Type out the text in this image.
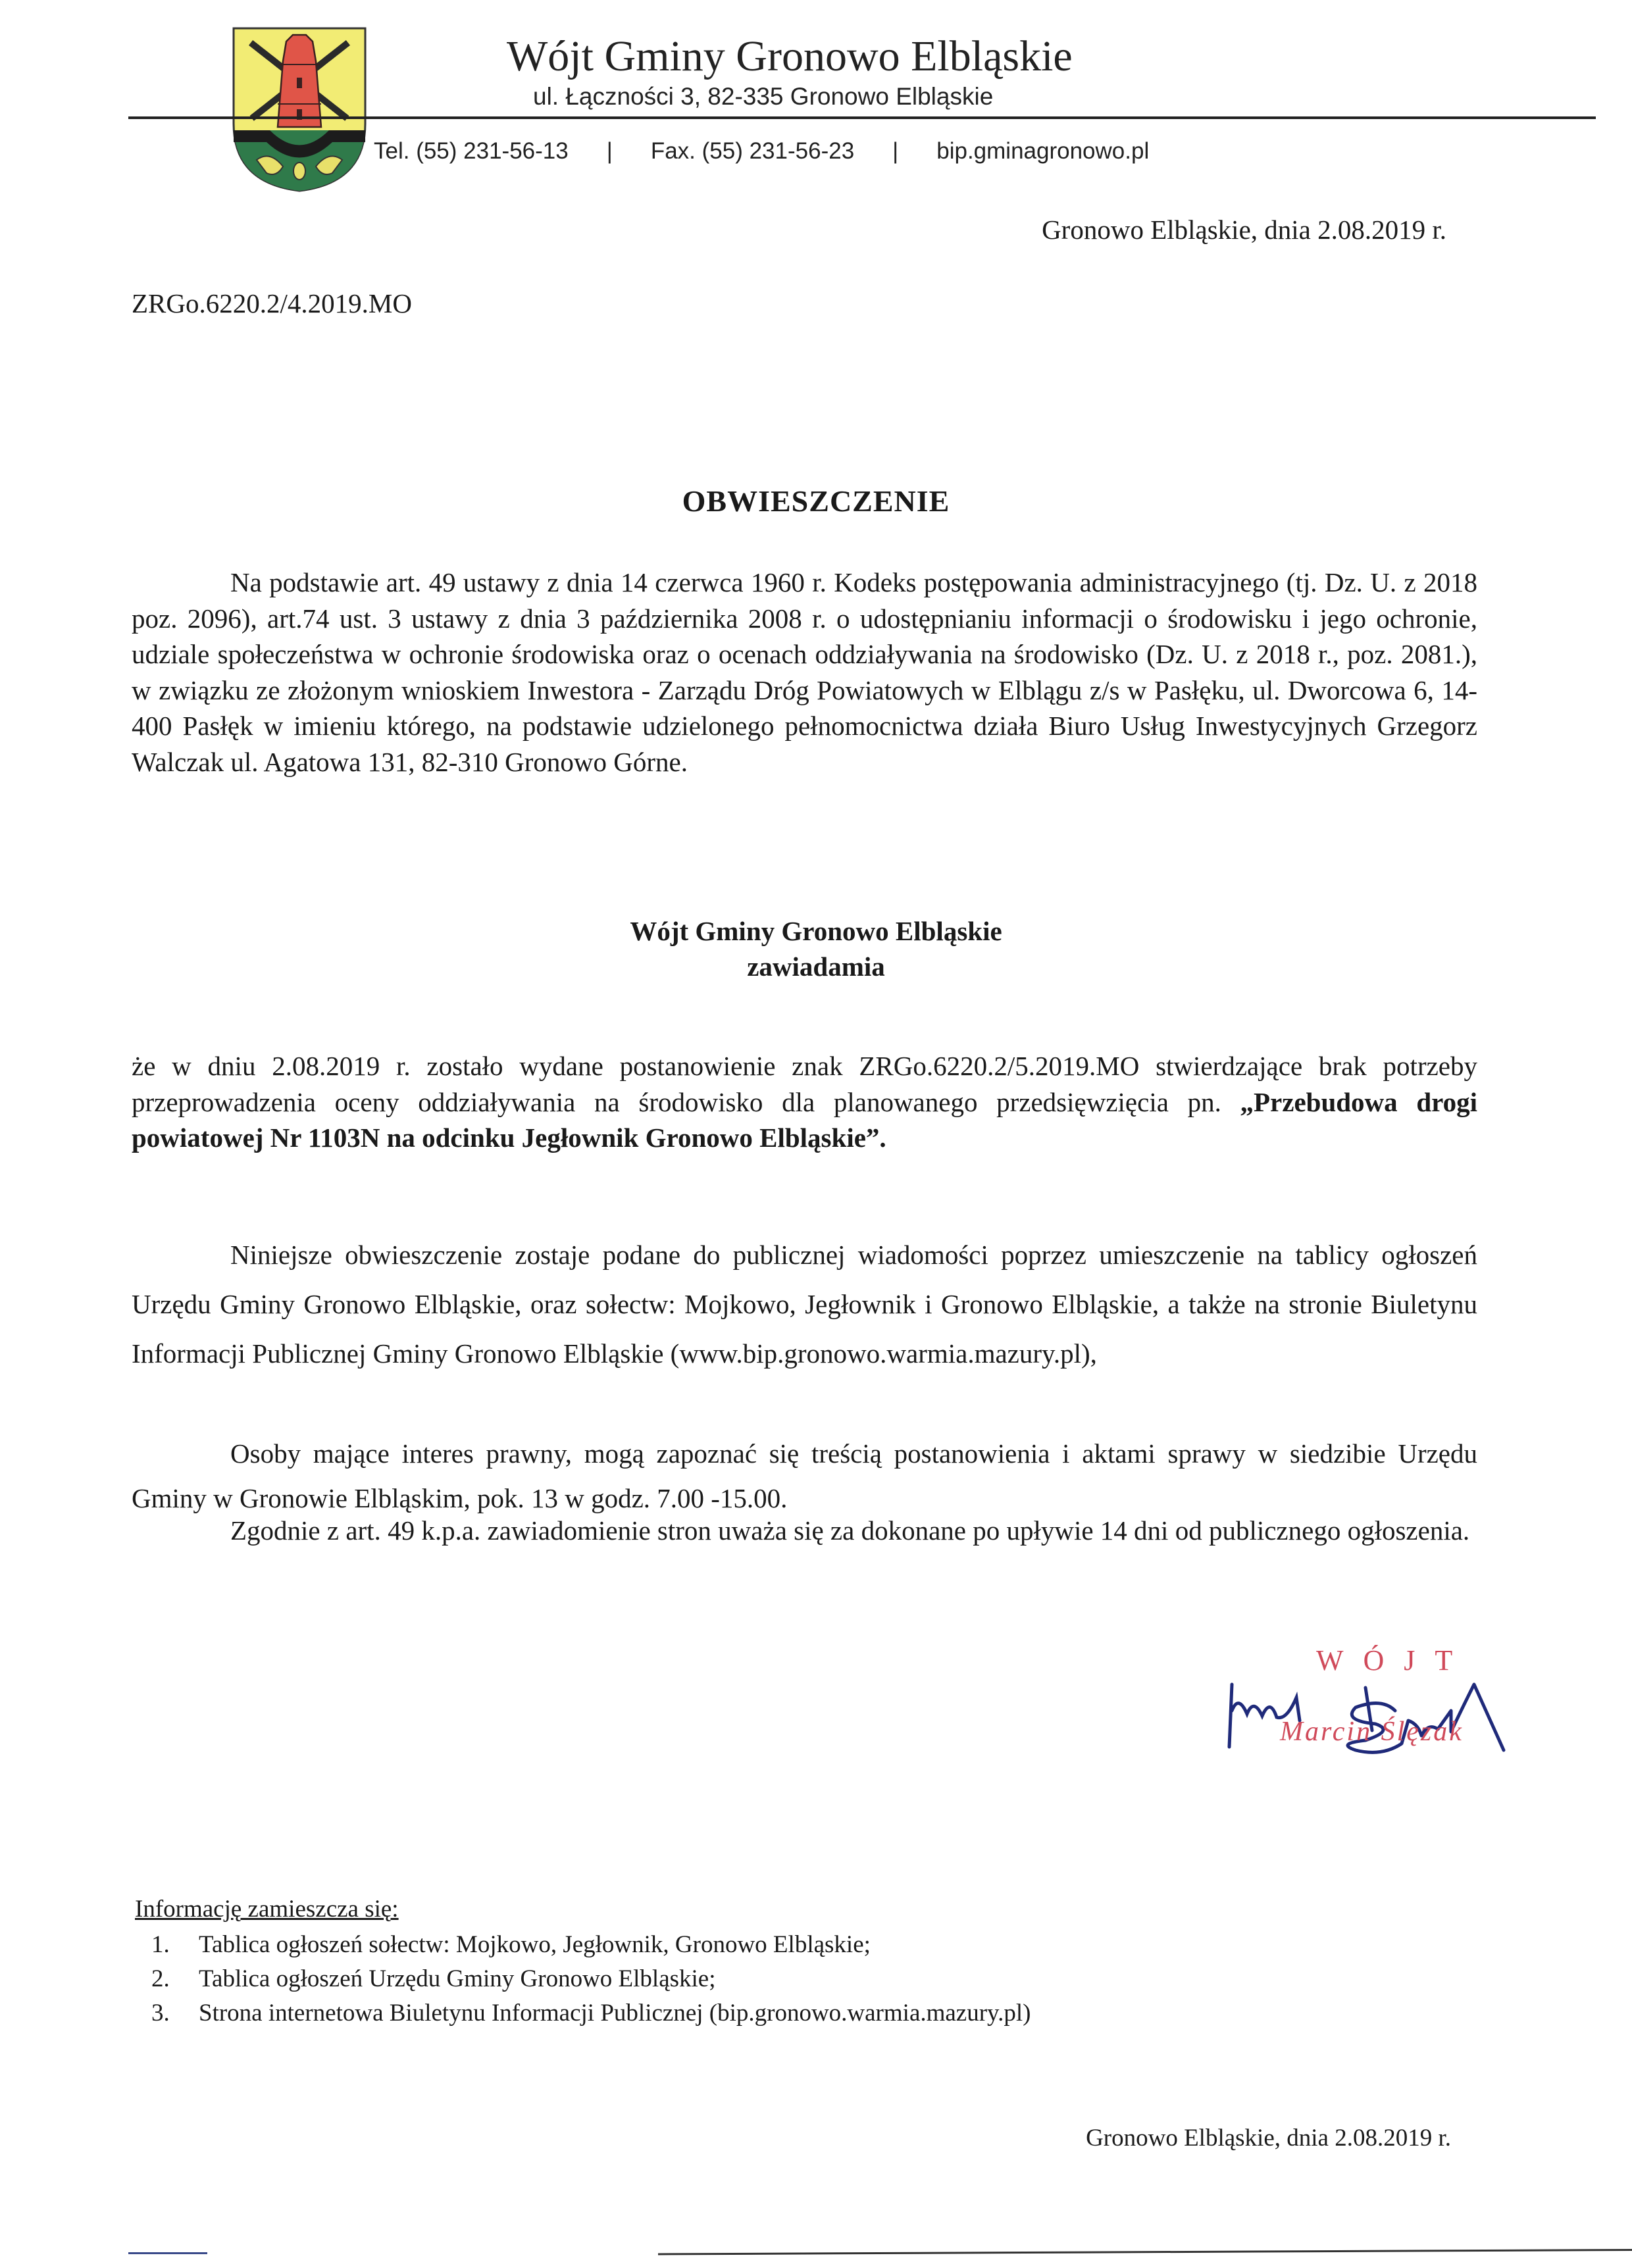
Wójt Gminy Gronowo Elbląskie
ul. Łączności 3, 82-335 Gronowo Elbląskie
Tel. (55) 231-56-13 | Fax. (55) 231-56-23 | bip.gminagronowo.pl
Gronowo Elbląskie, dnia 2.08.2019 r.
ZRGo.6220.2/4.2019.MO
OBWIESZCZENIE
Na podstawie art. 49 ustawy z dnia 14 czerwca 1960 r. Kodeks postępowania administracyjnego (tj. Dz. U. z 2018 poz. 2096), art.74 ust. 3 ustawy z dnia 3 października 2008 r. o udostępnianiu informacji o środowisku i jego ochronie, udziale społeczeństwa w ochronie środowiska oraz o ocenach oddziaływania na środowisko (Dz. U. z 2018 r., poz. 2081.), w związku ze złożonym wnioskiem Inwestora - Zarządu Dróg Powiatowych w Elblągu z/s w Pasłęku, ul. Dworcowa 6, 14-400 Pasłęk w imieniu którego, na podstawie udzielonego pełnomocnictwa działa Biuro Usług Inwestycyjnych Grzegorz Walczak ul. Agatowa 131, 82-310 Gronowo Górne.
Wójt Gminy Gronowo Elbląskie
zawiadamia
że w dniu 2.08.2019 r. zostało wydane postanowienie znak ZRGo.6220.2/5.2019.MO stwierdzające brak potrzeby przeprowadzenia oceny oddziaływania na środowisko dla planowanego przedsięwzięcia pn. „Przebudowa drogi powiatowej Nr 1103N na odcinku Jegłownik Gronowo Elbląskie”.
Niniejsze obwieszczenie zostaje podane do publicznej wiadomości poprzez umieszczenie na tablicy ogłoszeń Urzędu Gminy Gronowo Elbląskie, oraz sołectw: Mojkowo, Jegłownik i Gronowo Elbląskie, a także na stronie Biuletynu Informacji Publicznej Gminy Gronowo Elbląskie (www.bip.gronowo.warmia.mazury.pl),
Osoby mające interes prawny, mogą zapoznać się treścią postanowienia i aktami sprawy w siedzibie Urzędu Gminy w Gronowie Elbląskim, pok. 13 w godz. 7.00 -15.00.
Zgodnie z art. 49 k.p.a. zawiadomienie stron uważa się za dokonane po upływie 14 dni od publicznego ogłoszenia.
WÓJT
Marcin Ślęzak
Informację zamieszcza się:
1. Tablica ogłoszeń sołectw: Mojkowo, Jegłownik, Gronowo Elbląskie;
2. Tablica ogłoszeń Urzędu Gminy Gronowo Elbląskie;
3. Strona internetowa Biuletynu Informacji Publicznej (bip.gronowo.warmia.mazury.pl)
Gronowo Elbląskie, dnia 2.08.2019 r.
